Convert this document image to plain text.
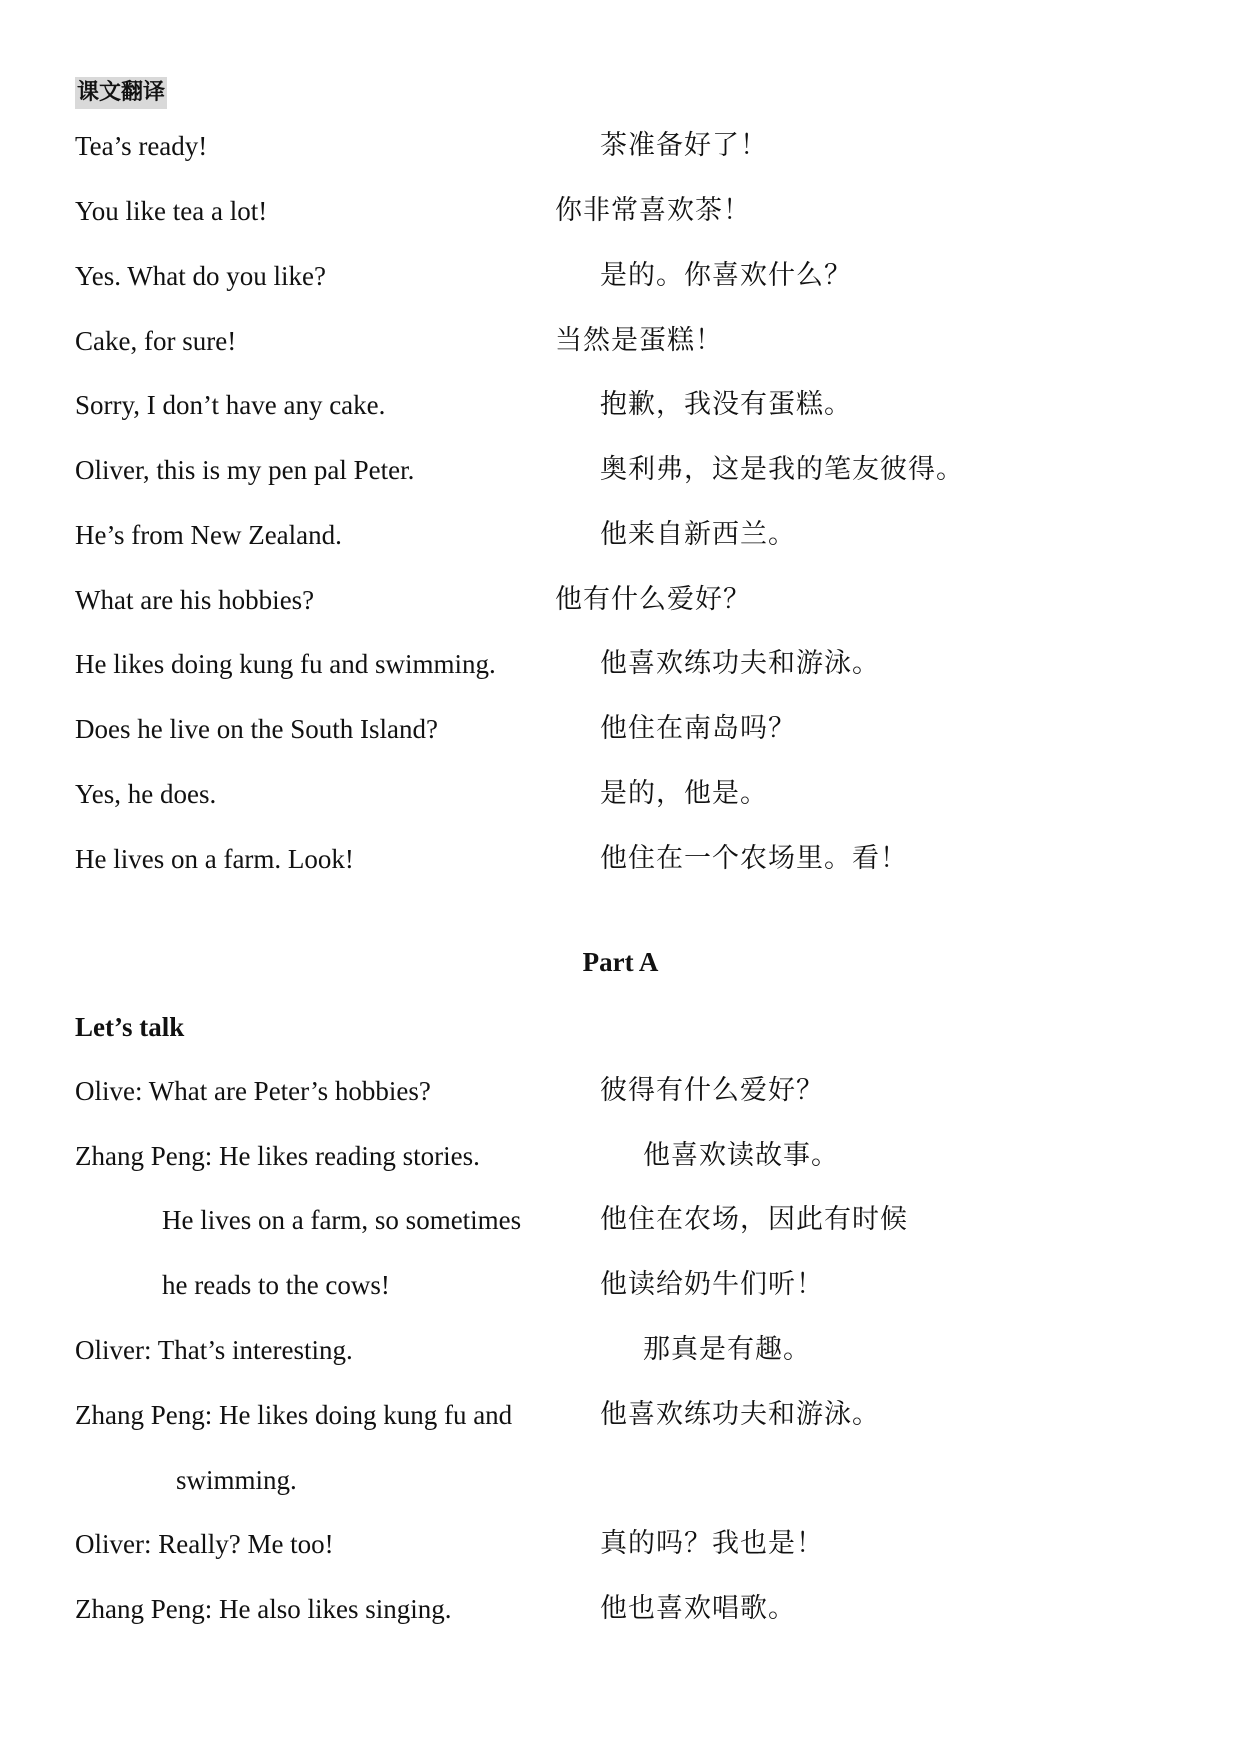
课文翻译
Tea’s ready!	茶准备好了！
You like tea a lot!	你非常喜欢茶！
Yes. What do you like?	是的。你喜欢什么？
Cake, for sure!	当然是蛋糕！
Sorry, I don’t have any cake.	抱歉，我没有蛋糕。
Oliver, this is my pen pal Peter.	奥利弗，这是我的笔友彼得。
He’s from New Zealand.	他来自新西兰。
What are his hobbies?	他有什么爱好？
He likes doing kung fu and swimming.	他喜欢练功夫和游泳。
Does he live on the South Island?	他住在南岛吗？
Yes, he does.	是的，他是。
He lives on a farm. Look!	他住在一个农场里。看！
Part A
Let’s talk
Olive: What are Peter’s hobbies?	彼得有什么爱好？
Zhang Peng: He likes reading stories.	他喜欢读故事。
He lives on a farm, so sometimes	他住在农场，因此有时候
he reads to the cows!	他读给奶牛们听！
Oliver: That’s interesting.	那真是有趣。
Zhang Peng: He likes doing kung fu and	他喜欢练功夫和游泳。
swimming.
Oliver: Really? Me too!	真的吗？我也是！
Zhang Peng: He also likes singing.	他也喜欢唱歌。
